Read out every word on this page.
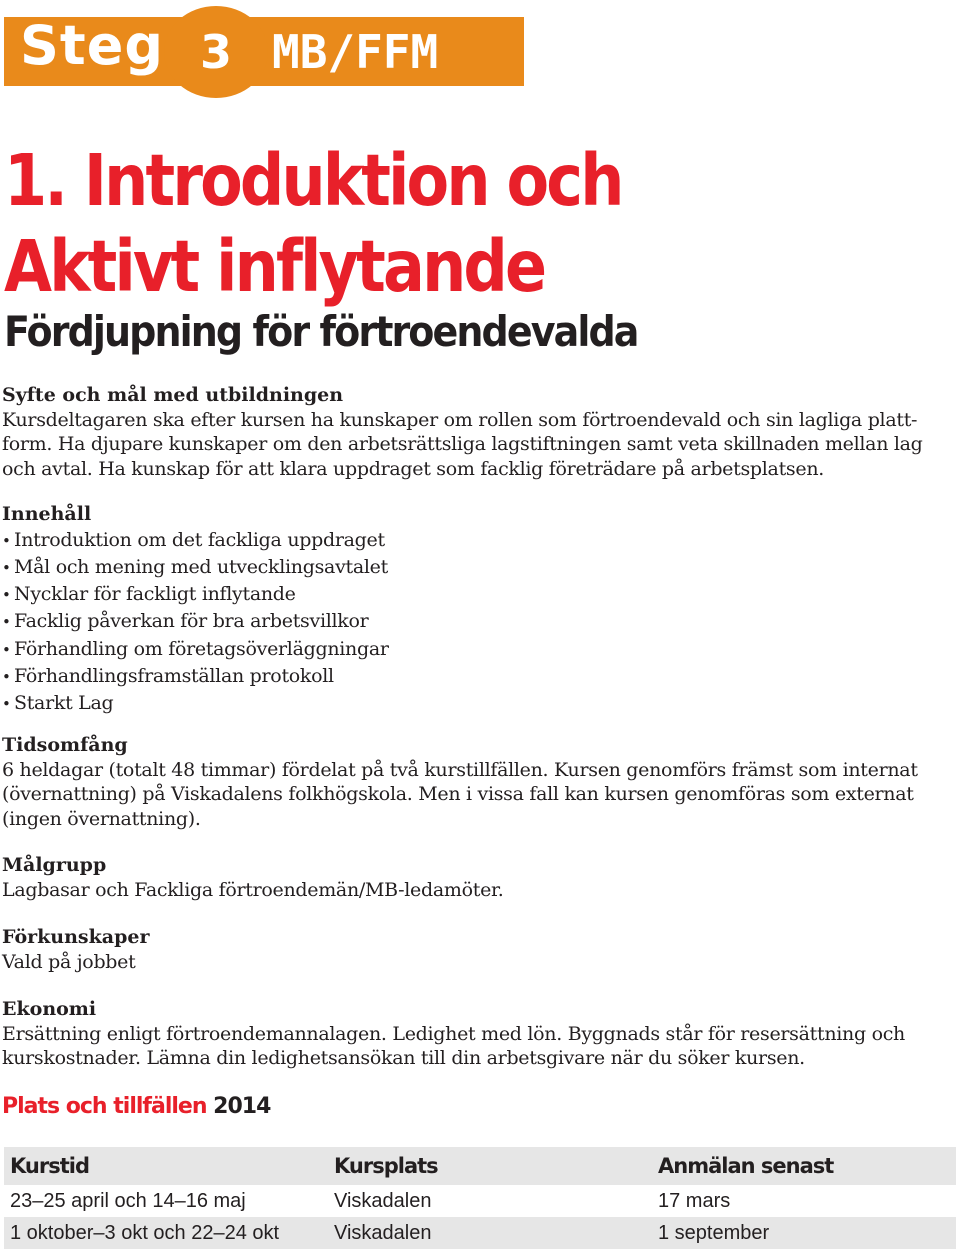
Steg 3 MB/FFM
1. Introduktion och
Aktivt inflytande
Fördjupning för förtroendevalda

Syfte och mål med utbildningen

Kursdeltagaren ska efter kursen ha kunskaper om rollen som förtroendevald och sin lagliga platt-

form. Ha djupare kunskaper om den arbetsrättsliga lagstiftningen samt veta skillnaden mellan lag

och avtal. Ha kunskap för att klara uppdraget som facklig företrädare på arbetsplatsen.

Innehåll

• Introduktion om det fackliga uppdraget
• Mål och mening med utvecklingsavtalet
• Nycklar för fackligt inflytande
• Facklig påverkan för bra arbetsvillkor
• Förhandling om företagsöverläggningar
• Förhandlingsframställan protokoll
• Starkt Lag

Tidsomfång

6 heldagar (totalt 48 timmar) fördelat på två kurstillfällen. Kursen genomförs främst som internat

(övernattning) på Viskadalens folkhögskola. Men i vissa fall kan kursen genomföras som externat

(ingen övernattning).

Målgrupp

Lagbasar och Fackliga förtroendemän/MB-ledamöter.

Förkunskaper

Vald på jobbet

Ekonomi

Ersättning enligt förtroendemannalagen. Ledighet med lön. Byggnads står för resersättning och

kurskostnader. Lämna din ledighetsansökan till din arbetsgivare när du söker kursen.

Plats och tillfällen 2014
Kurstid	Kursplats	Anmälan senast
23–25 april och 14–16 maj	Viskadalen	17 mars
1 oktober–3 okt och 22–24 okt	Viskadalen	1 september
